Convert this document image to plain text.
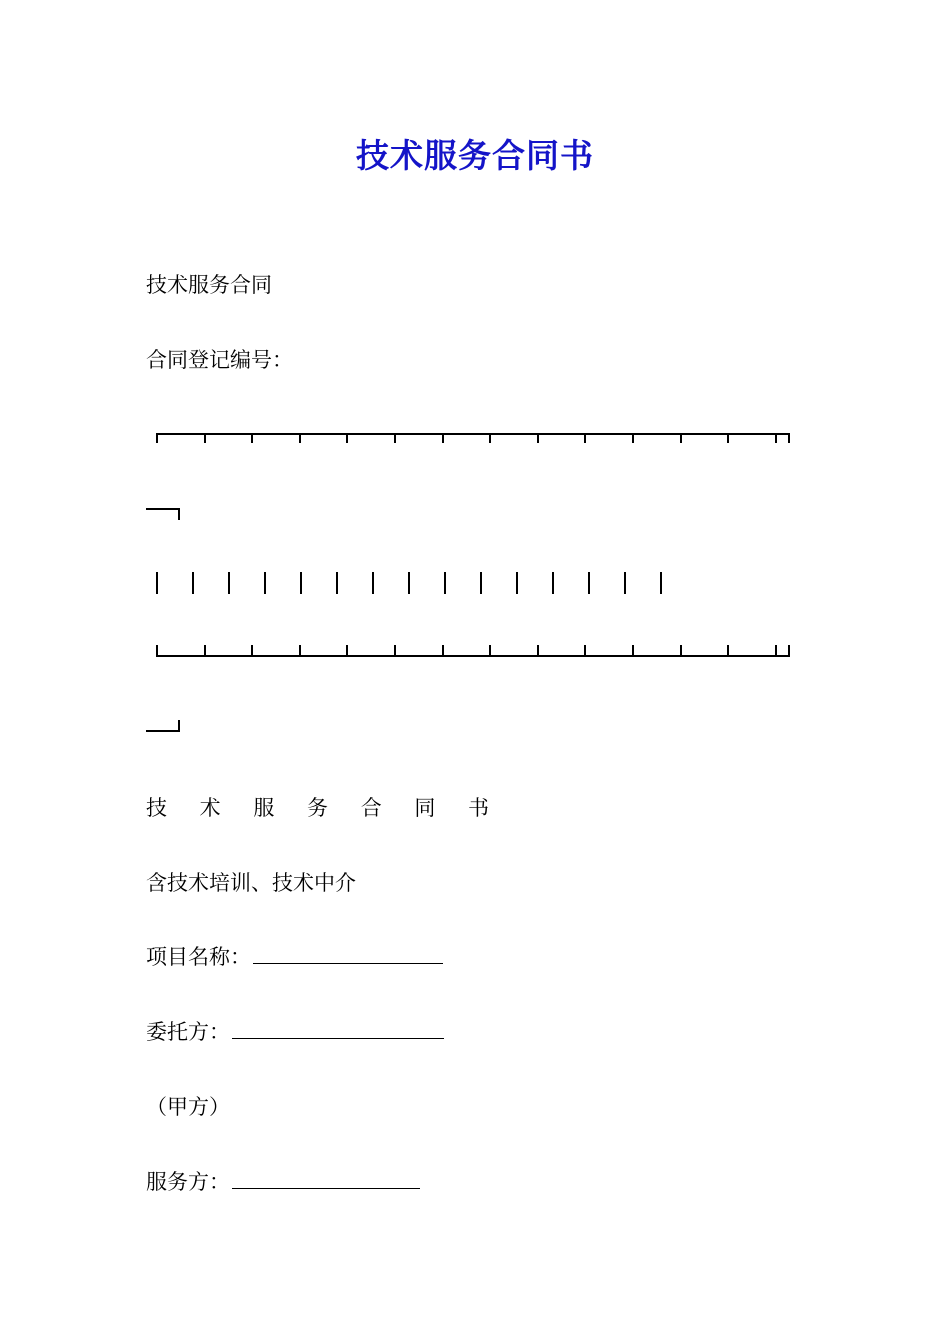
技术服务合同书
技术服务合同
合同登记编号：
技 术 服 务 合 同 书
含技术培训、技术中介
项目名称：
委托方：
（甲方）
服务方：
